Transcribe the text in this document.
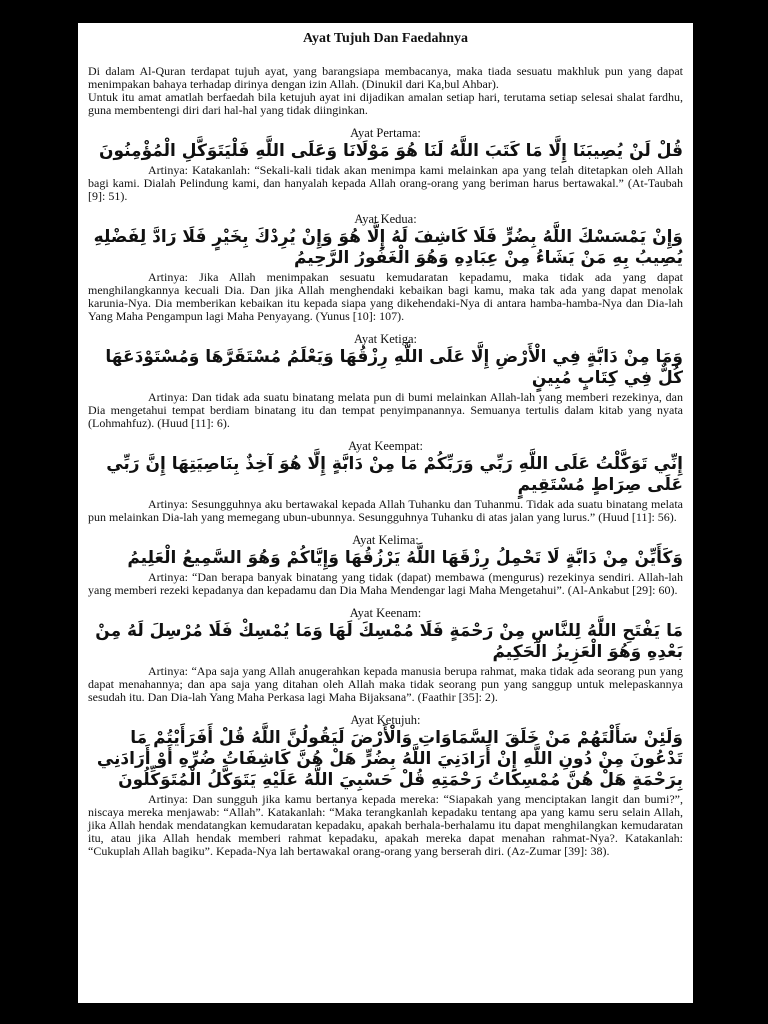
Ayat Tujuh Dan Faedahnya

Di dalam Al-Quran terdapat tujuh ayat, yang barangsiapa membacanya, maka tiada sesuatu makhluk pun yang dapat menimpakan bahaya terhadap dirinya dengan izin Allah. (Dinukil dari Ka,bul Ahbar).

Untuk itu amat amatlah berfaedah bila ketujuh ayat ini dijadikan amalan setiap hari, terutama setiap selesai shalat fardhu, guna membentengi diri dari hal-hal yang tidak diinginkan.

Ayat Pertama:

قُلْ لَنْ يُصِيبَنَا إِلَّا مَا كَتَبَ اللَّهُ لَنَا هُوَ مَوْلَانَا وَعَلَى اللَّهِ فَلْيَتَوَكَّلِ الْمُؤْمِنُونَ

Artinya: Katakanlah: “Sekali-kali tidak akan menimpa kami melainkan apa yang telah ditetapkan oleh Allah bagi kami. Dialah Pelindung kami, dan hanyalah kepada Allah orang-orang yang beriman harus bertawakal.” (At-Taubah [9]: 51).

Ayat Kedua:

وَإِنْ يَمْسَسْكَ اللَّهُ بِضُرٍّ فَلَا كَاشِفَ لَهُ إِلَّا هُوَ وَإِنْ يُرِدْكَ بِخَيْرٍ فَلَا رَادَّ لِفَضْلِهِ يُصِيبُ بِهِ مَنْ يَشَاءُ مِنْ عِبَادِهِ وَهُوَ الْغَفُورُ الرَّحِيمُ

Artinya: Jika Allah menimpakan sesuatu kemudaratan kepadamu, maka tidak ada yang dapat menghilangkannya kecuali Dia. Dan jika Allah menghendaki kebaikan bagi kamu, maka tak ada yang dapat menolak karunia-Nya. Dia memberikan kebaikan itu kepada siapa yang dikehendaki-Nya di antara hamba-hamba-Nya dan Dia-lah Yang Maha Pengampun lagi Maha Penyayang. (Yunus [10]: 107).

Ayat Ketiga:

وَمَا مِنْ دَابَّةٍ فِي الْأَرْضِ إِلَّا عَلَى اللَّهِ رِزْقُهَا وَيَعْلَمُ مُسْتَقَرَّهَا وَمُسْتَوْدَعَهَا كُلٌّ فِي كِتَابٍ مُبِينٍ

Artinya: Dan tidak ada suatu binatang melata pun di bumi melainkan Allah-lah yang memberi rezekinya, dan Dia mengetahui tempat berdiam binatang itu dan tempat penyimpanannya. Semuanya tertulis dalam kitab yang nyata (Lohmahfuz). (Huud [11]: 6).

Ayat Keempat:

إِنِّي تَوَكَّلْتُ عَلَى اللَّهِ رَبِّي وَرَبِّكُمْ مَا مِنْ دَابَّةٍ إِلَّا هُوَ آخِذٌ بِنَاصِيَتِهَا إِنَّ رَبِّي عَلَى صِرَاطٍ مُسْتَقِيمٍ

Artinya: Sesungguhnya aku bertawakal kepada Allah Tuhanku dan Tuhanmu. Tidak ada suatu binatang melata pun melainkan Dia-lah yang memegang ubun-ubunnya. Sesungguhnya Tuhanku di atas jalan yang lurus.” (Huud [11]: 56).

Ayat Kelima:

وَكَأَيِّنْ مِنْ دَابَّةٍ لَا تَحْمِلُ رِزْقَهَا اللَّهُ يَرْزُقُهَا وَإِيَّاكُمْ وَهُوَ السَّمِيعُ الْعَلِيمُ

Artinya: “Dan berapa banyak binatang yang tidak (dapat) membawa (mengurus) rezekinya sendiri. Allah-lah yang memberi rezeki kepadanya dan kepadamu dan Dia Maha Mendengar lagi Maha Mengetahui”. (Al-Ankabut [29]: 60).

Ayat Keenam:

مَا يَفْتَحِ اللَّهُ لِلنَّاسِ مِنْ رَحْمَةٍ فَلَا مُمْسِكَ لَهَا وَمَا يُمْسِكْ فَلَا مُرْسِلَ لَهُ مِنْ بَعْدِهِ وَهُوَ الْعَزِيزُ الْحَكِيمُ

Artinya: “Apa saja yang Allah anugerahkan kepada manusia berupa rahmat, maka tidak ada seorang pun yang dapat menahannya; dan apa saja yang ditahan oleh Allah maka tidak seorang pun yang sanggup untuk melepaskannya sesudah itu. Dan Dia-lah Yang Maha Perkasa lagi Maha Bijaksana”. (Faathir [35]: 2).

Ayat Ketujuh:

وَلَئِنْ سَأَلْتَهُمْ مَنْ خَلَقَ السَّمَاوَاتِ وَالْأَرْضَ لَيَقُولُنَّ اللَّهُ قُلْ أَفَرَأَيْتُمْ مَا تَدْعُونَ مِنْ دُونِ اللَّهِ إِنْ أَرَادَنِيَ اللَّهُ بِضُرٍّ هَلْ هُنَّ كَاشِفَاتُ ضُرِّهِ أَوْ أَرَادَنِي بِرَحْمَةٍ هَلْ هُنَّ مُمْسِكَاتُ رَحْمَتِهِ قُلْ حَسْبِيَ اللَّهُ عَلَيْهِ يَتَوَكَّلُ الْمُتَوَكِّلُونَ

Artinya: Dan sungguh jika kamu bertanya kepada mereka: “Siapakah yang menciptakan langit dan bumi?”, niscaya mereka menjawab: “Allah”. Katakanlah: “Maka terangkanlah kepadaku tentang apa yang kamu seru selain Allah, jika Allah hendak mendatangkan kemudaratan kepadaku, apakah berhala-berhalamu itu dapat menghilangkan kemudaratan itu, atau jika Allah hendak memberi rahmat kepadaku, apakah mereka dapat menahan rahmat-Nya?. Katakanlah: “Cukuplah Allah bagiku”. Kepada-Nya lah bertawakal orang-orang yang berserah diri. (Az-Zumar [39]: 38).
